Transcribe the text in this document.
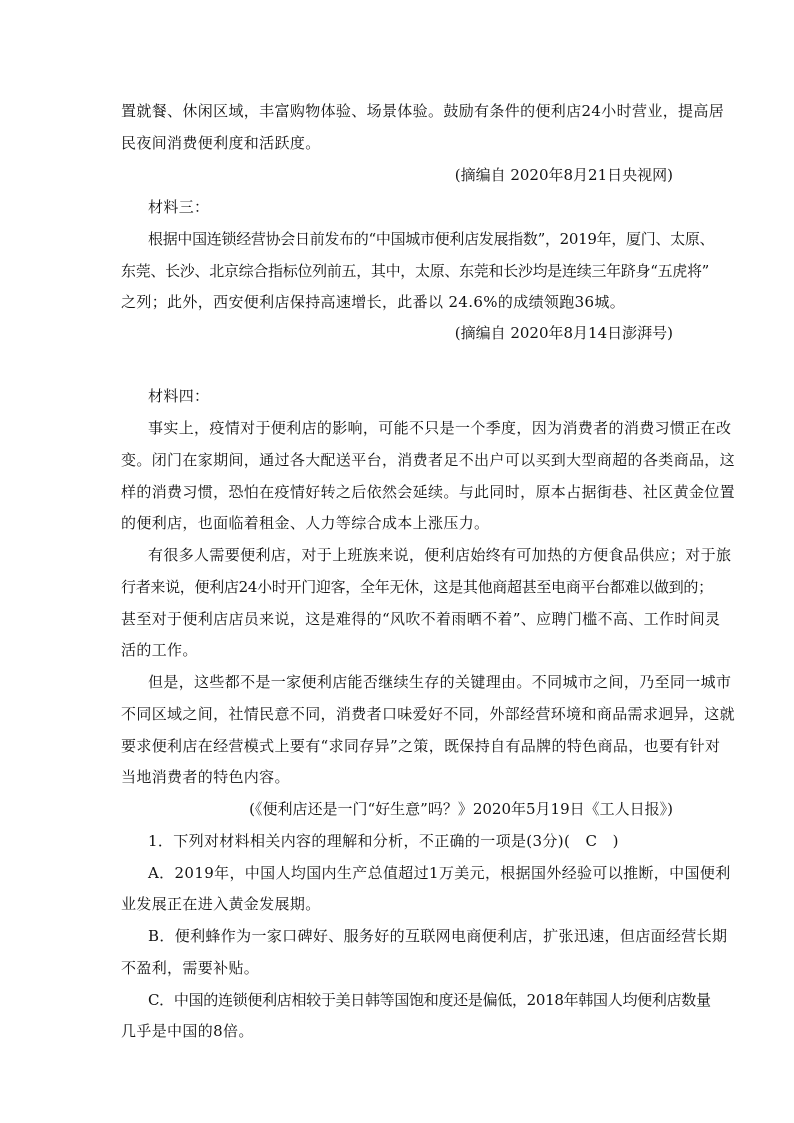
置就餐、休闲区域，丰富购物体验、场景体验。鼓励有条件的便利店24小时营业，提高居
民夜间消费便利度和活跃度。
(摘编自 2020年8月21日央视网)
材料三：
根据中国连锁经营协会日前发布的“中国城市便利店发展指数”，2019年，厦门、太原、
东莞、长沙、北京综合指标位列前五，其中，太原、东莞和长沙均是连续三年跻身“五虎将”
之列；此外，西安便利店保持高速增长，此番以 24.6%的成绩领跑36城。
(摘编自 2020年8月14日澎湃号)
材料四：
事实上，疫情对于便利店的影响，可能不只是一个季度，因为消费者的消费习惯正在改
变。闭门在家期间，通过各大配送平台，消费者足不出户可以买到大型商超的各类商品，这
样的消费习惯，恐怕在疫情好转之后依然会延续。与此同时，原本占据街巷、社区黄金位置
的便利店，也面临着租金、人力等综合成本上涨压力。
有很多人需要便利店，对于上班族来说，便利店始终有可加热的方便食品供应；对于旅
行者来说，便利店24小时开门迎客，全年无休，这是其他商超甚至电商平台都难以做到的；
甚至对于便利店店员来说，这是难得的“风吹不着雨晒不着”、应聘门槛不高、工作时间灵
活的工作。
但是，这些都不是一家便利店能否继续生存的关键理由。不同城市之间，乃至同一城市
不同区域之间，社情民意不同，消费者口味爱好不同，外部经营环境和商品需求迥异，这就
要求便利店在经营模式上要有“求同存异”之策，既保持自有品牌的特色商品，也要有针对
当地消费者的特色内容。
(《便利店还是一门“好生意”吗？》2020年5月19日《工人日报》)
1．下列对材料相关内容的理解和分析，不正确的一项是(3分)(　C　)
A．2019年，中国人均国内生产总值超过1万美元，根据国外经验可以推断，中国便利
业发展正在进入黄金发展期。
B．便利蜂作为一家口碑好、服务好的互联网电商便利店，扩张迅速，但店面经营长期
不盈利，需要补贴。
C．中国的连锁便利店相较于美日韩等国饱和度还是偏低，2018年韩国人均便利店数量
几乎是中国的8倍。
